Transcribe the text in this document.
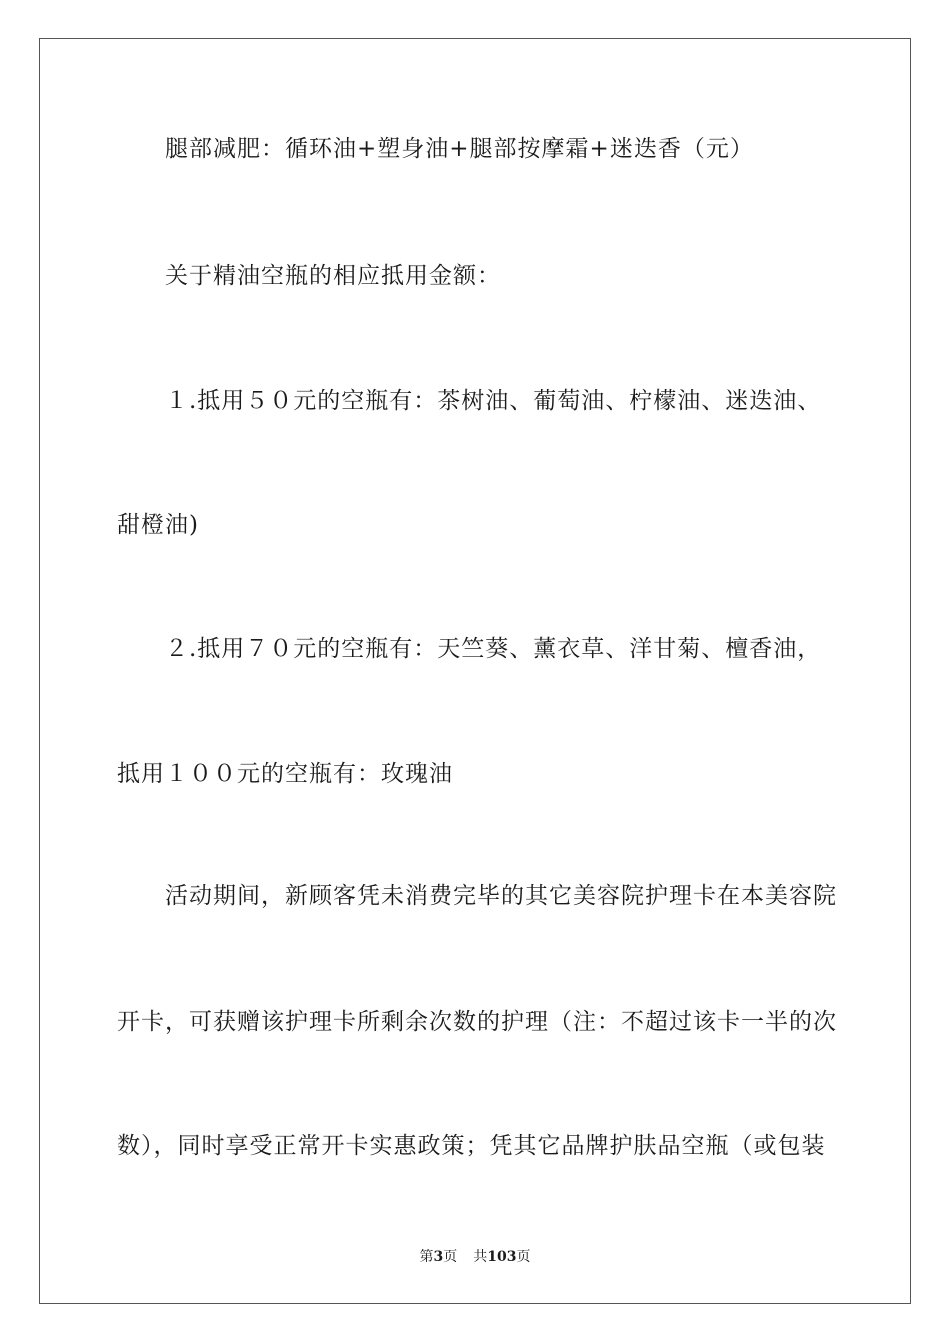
腿部减肥：循环油+塑身油+腿部按摩霜+迷迭香（元）
关于精油空瓶的相应抵用金额：
１.抵用５０元的空瓶有：茶树油、葡萄油、柠檬油、迷迭油、
甜橙油)
２.抵用７０元的空瓶有：天竺葵、薰衣草、洋甘菊、檀香油，
抵用１００元的空瓶有：玫瑰油
活动期间，新顾客凭未消费完毕的其它美容院护理卡在本美容院
开卡，可获赠该护理卡所剩余次数的护理（注：不超过该卡一半的次
数），同时享受正常开卡实惠政策；凭其它品牌护肤品空瓶（或包装
第3页 共103页
